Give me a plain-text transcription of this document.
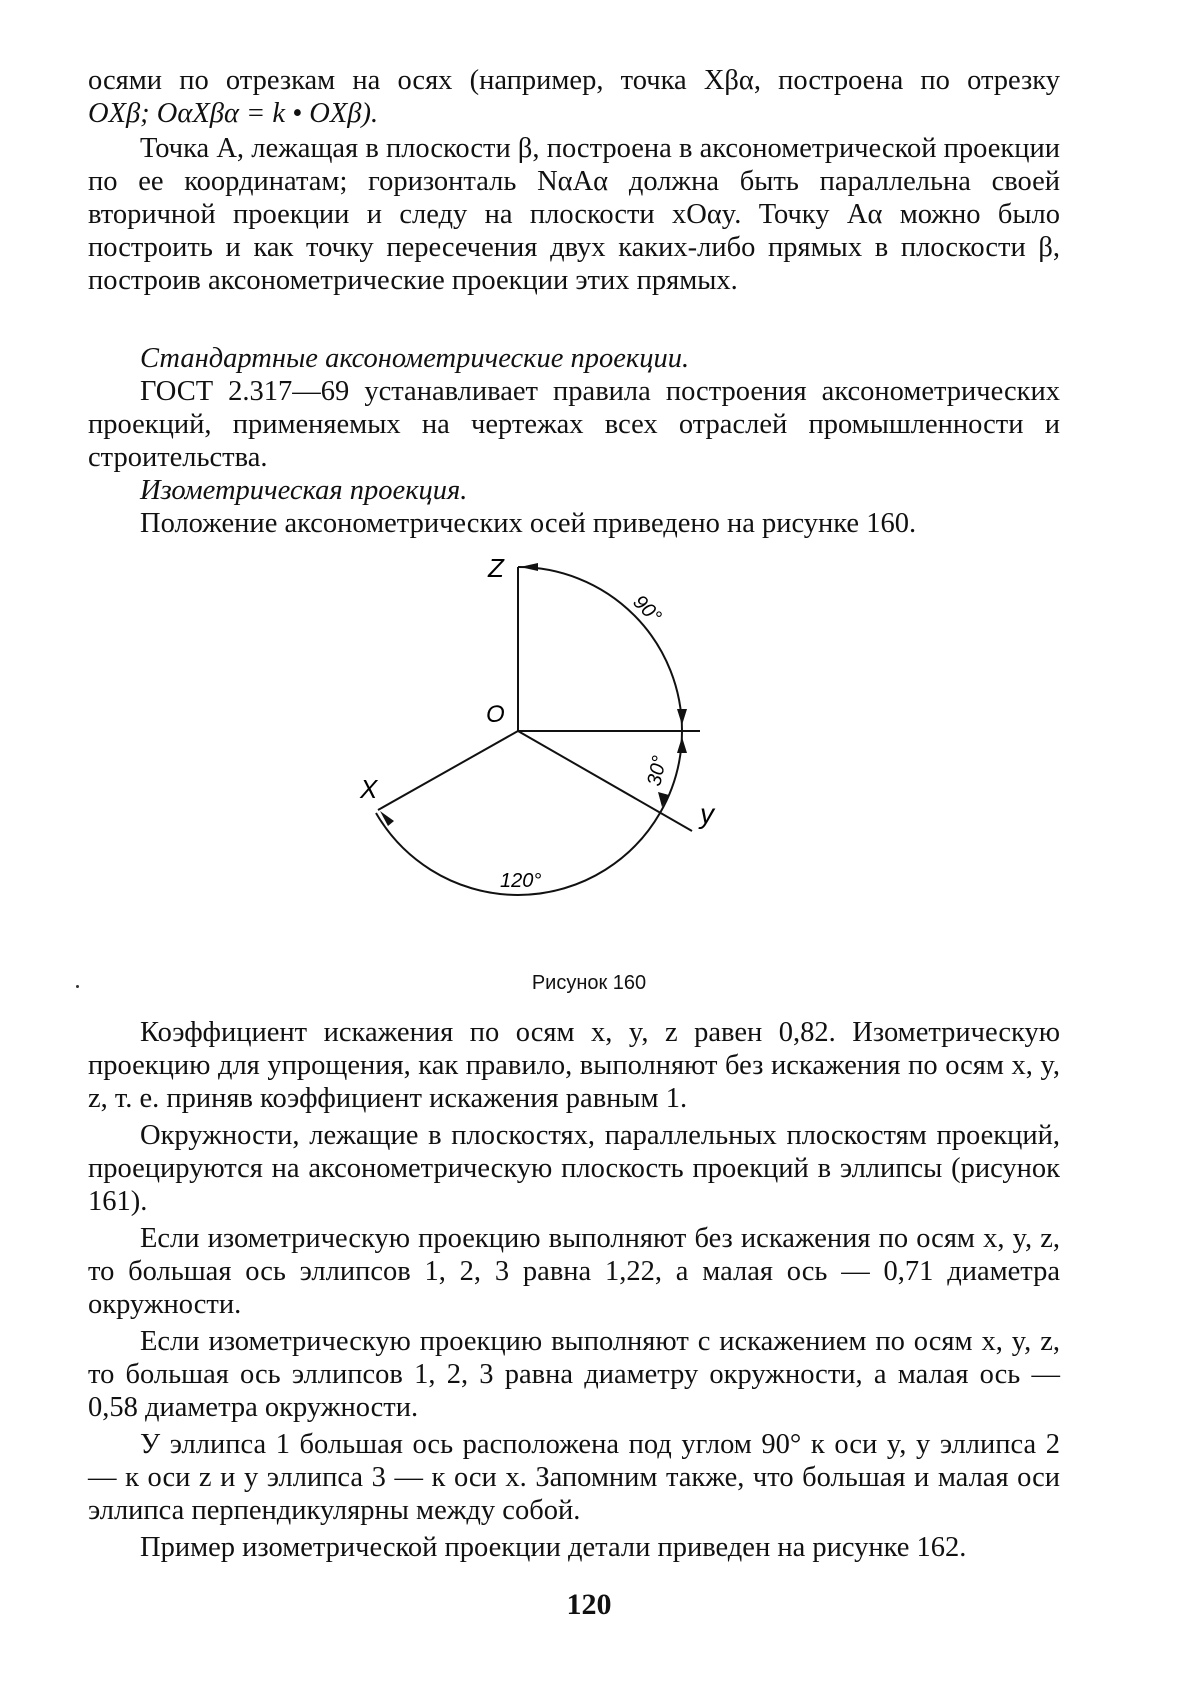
осями по отрезкам на осях (например, точка Xβα, построена по отрезку

OXβ; OαXβα = k • OXβ).

Точка A, лежащая в плоскости β, построена в аксонометрической проекции по ее координатам; горизонталь NαAα должна быть параллельна своей вторичной проекции и следу на плоскости xOαy. Точку Aα можно было построить и как точку пересечения двух каких-либо прямых в плоскости β, построив аксонометрические проекции этих прямых.

Стандартные аксонометрические проекции.

ГОСТ 2.317—69 устанавливает правила построения аксонометрических проекций, применяемых на чертежах всех отраслей промышленности и строительства.

Изометрическая проекция.

Положение аксонометрических осей приведено на рисунке 160.

Z
O
X
y
90°
30°
120°
Рисунок 160

Коэффициент искажения по осям x, y, z равен 0,82. Изометрическую проекцию для упрощения, как правило, выполняют без искажения по осям x, y, z, т. е. приняв коэффициент искажения равным 1.

Окружности, лежащие в плоскостях, параллельных плоскостям проекций, проецируются на аксонометрическую плоскость проекций в эллипсы (рисунок 161).

Если изометрическую проекцию выполняют без искажения по осям x, y, z, то большая ось эллипсов 1, 2, 3 равна 1,22, а малая ось — 0,71 диаметра окружности.

Если изометрическую проекцию выполняют с искажением по осям x, y, z, то большая ось эллипсов 1, 2, 3 равна диаметру окружности, а малая ось — 0,58 диаметра окружности.

У эллипса 1 большая ось расположена под углом 90° к оси y, у эллипса 2 — к оси z и у эллипса 3 — к оси x. Запомним также, что большая и малая оси эллипса перпендикулярны между собой.

Пример изометрической проекции детали приведен на рисунке 162.

120
